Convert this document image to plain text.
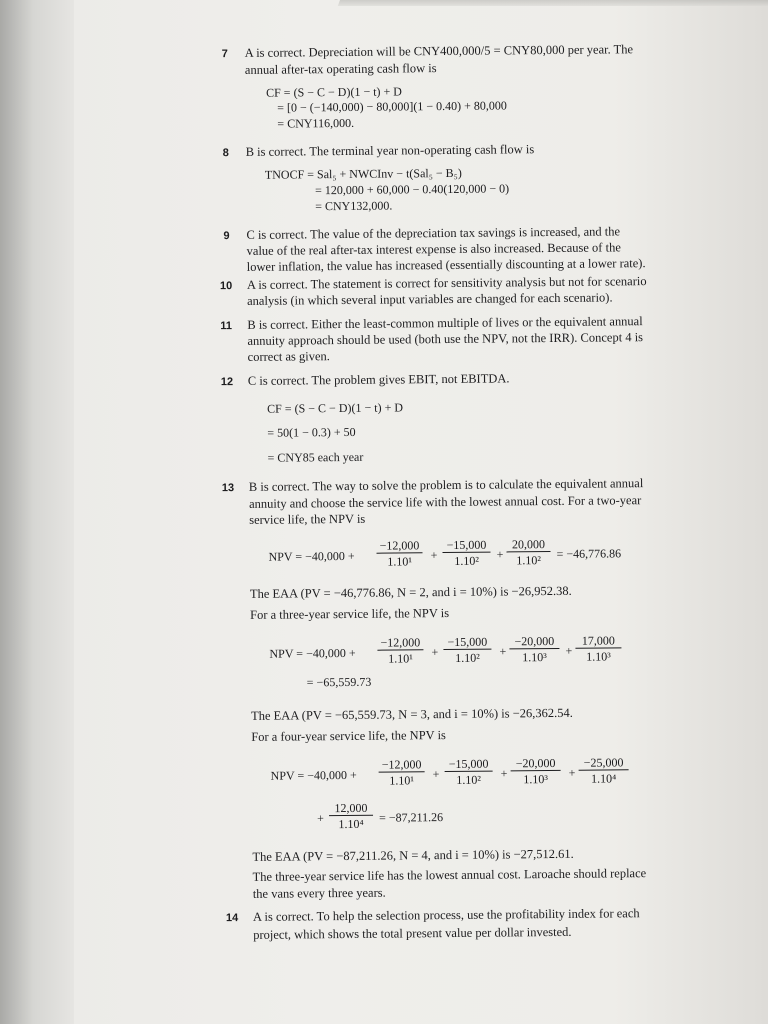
7 A is correct. Depreciation will be CNY400,000/5 = CNY80,000 per year. The
annual after-tax operating cash flow is
CF = (S − C − D)(1 − t) + D
= [0 − (−140,000) − 80,000](1 − 0.40) + 80,000
= CNY116,000.
8 B is correct. The terminal year non-operating cash flow is
TNOCF = Sal₅ + NWCInv − t(Sal₅ − B₅)
= 120,000 + 60,000 − 0.40(120,000 − 0)
= CNY132,000.
9 C is correct. The value of the depreciation tax savings is increased, and the
value of the real after-tax interest expense is also increased. Because of the
lower inflation, the value has increased (essentially discounting at a lower rate).
10 A is correct. The statement is correct for sensitivity analysis but not for scenario
analysis (in which several input variables are changed for each scenario).
11 B is correct. Either the least-common multiple of lives or the equivalent annual
annuity approach should be used (both use the NPV, not the IRR). Concept 4 is
correct as given.
12 C is correct. The problem gives EBIT, not EBITDA.
CF = (S − C − D)(1 − t) + D
= 50(1 − 0.3) + 50
= CNY85 each year
13 B is correct. The way to solve the problem is to calculate the equivalent annual
annuity and choose the service life with the lowest annual cost. For a two-year
service life, the NPV is
NPV = $-40,000 + \frac{-12,000}{\text{1.10¹}} + \frac{-15,000}{\text{1.10²}} + \frac{20,000}{\text{1.10²}} = -46,776.86$
The EAA (PV = −46,776.86, N = 2, and i = 10%) is −26,952.38.
For a three-year service life, the NPV is
NPV = $-40,000 + \frac{-12,000}{\text{1.10¹}} + \frac{-15,000}{\text{1.10²}} + \frac{-20,000}{\text{1.10³}} + \frac{17,000}{\text{1.10³}}$
= −65,559.73
The EAA (PV = −65,559.73, N = 3, and i = 10%) is −26,362.54.
For a four-year service life, the NPV is
NPV = $-40,000 + \frac{-12,000}{\text{1.10¹}} + \frac{-15,000}{\text{1.10²}} + \frac{-20,000}{\text{1.10³}} + \frac{-25,000}{\text{1.10⁴}}$
+ $\frac{12,000}{\text{1.10⁴}} = -87,211.26$
The EAA (PV = −87,211.26, N = 4, and i = 10%) is −27,512.61.
The three-year service life has the lowest annual cost. Laroache should replace
the vans every three years.
14 A is correct. To help the selection process, use the profitability index for each
project, which shows the total present value per dollar invested.
